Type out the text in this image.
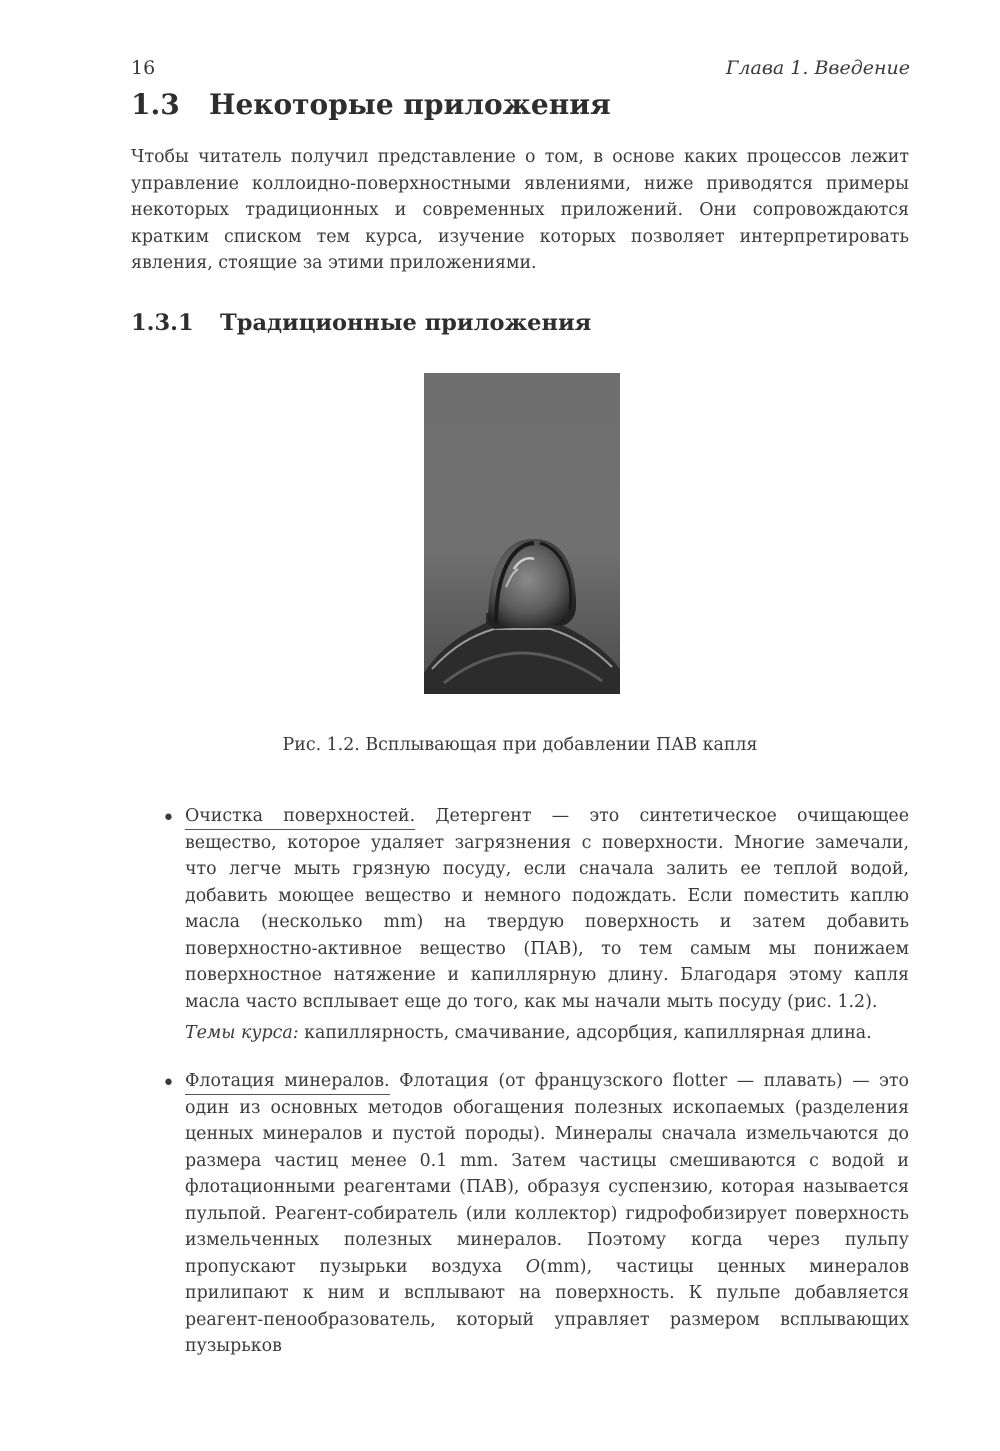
16	Глава 1. Введение
1.3 Некоторые приложения
Чтобы читатель получил представление о том, в основе каких процессов лежит управление коллоидно-поверхностными явлениями, ниже приводятся примеры некоторых традиционных и современных приложений. Они сопровождаются кратким списком тем курса, изучение которых позволяет интерпретировать явления, стоящие за этими приложениями.
1.3.1 Традиционные приложения
Рис. 1.2. Всплывающая при добавлении ПАВ капля
• Очистка поверхностей. Детергент — это синтетическое очищающее вещество, которое удаляет загрязнения с поверхности. Многие замечали, что легче мыть грязную посуду, если сначала залить ее теплой водой, добавить моющее вещество и немного подождать. Если поместить каплю масла (несколько mm) на твердую поверхность и затем добавить поверхностно-активное вещество (ПАВ), то тем самым мы понижаем поверхностное натяжение и капиллярную длину. Благодаря этому капля масла часто всплывает еще до того, как мы начали мыть посуду (рис. 1.2).
Темы курса: капиллярность, смачивание, адсорбция, капиллярная длина.
• Флотация минералов. Флотация (от французского flotter — плавать) — это один из основных методов обогащения полезных ископаемых (разделения ценных минералов и пустой породы). Минералы сначала измельчаются до размера частиц менее 0.1 mm. Затем частицы смешиваются с водой и флотационными реагентами (ПАВ), образуя суспензию, которая называется пульпой. Реагент-собиратель (или коллектор) гидрофобизирует поверхность измельченных полезных минералов. Поэтому когда через пульпу пропускают пузырьки воздуха O(mm), частицы ценных минералов прилипают к ним и всплывают на поверхность. К пульпе добавляется реагент-пенообразователь, который управляет размером всплывающих пузырьков
